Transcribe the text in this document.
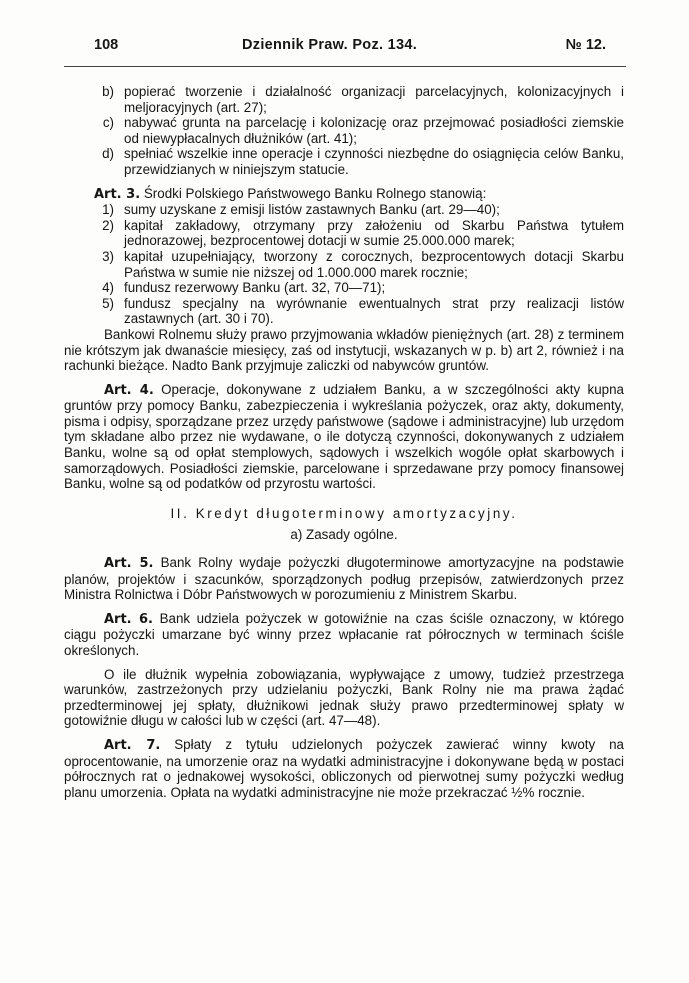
108	Dziennik Praw. Poz. 134.	№ 12.
b) popierać tworzenie i działalność organizacji parcelacyjnych, kolonizacyjnych i meljoracyjnych (art. 27);
c) nabywać grunta na parcelację i kolonizację oraz przejmować posiadłości ziemskie od niewypłacalnych dłużników (art. 41);
d) spełniać wszelkie inne operacje i czynności niezbędne do osiągnięcia celów Banku, przewidzianych w niniejszym statucie.

Art. 3. Środki Polskiego Państwowego Banku Rolnego stanowią:

1) sumy uzyskane z emisji listów zastawnych Banku (art. 29—40);
2) kapitał zakładowy, otrzymany przy założeniu od Skarbu Państwa tytułem jednorazowej, bezprocentowej dotacji w sumie 25.000.000 marek;
3) kapitał uzupełniający, tworzony z corocznych, bezprocentowych dotacji Skarbu Państwa w sumie nie niższej od 1.000.000 marek rocznie;
4) fundusz rezerwowy Banku (art. 32, 70—71);
5) fundusz specjalny na wyrównanie ewentualnych strat przy realizacji listów zastawnych (art. 30 i 70).

Bankowi Rolnemu służy prawo przyjmowania wkładów pieniężnych (art. 28) z terminem nie krótszym jak dwanaście miesięcy, zaś od instytucji, wskazanych w p. b) art 2, również i na rachunki bieżące. Nadto Bank przyjmuje zaliczki od nabywców gruntów.

Art. 4. Operacje, dokonywane z udziałem Banku, a w szczególności akty kupna gruntów przy pomocy Banku, zabezpieczenia i wykreślania pożyczek, oraz akty, dokumenty, pisma i odpisy, sporządzane przez urzędy państwowe (sądowe i administracyjne) lub urzędom tym składane albo przez nie wydawane, o ile dotyczą czynności, dokonywanych z udziałem Banku, wolne są od opłat stemplowych, sądowych i wszelkich wogóle opłat skarbowych i samorządowych. Posiadłości ziemskie, parcelowane i sprzedawane przy pomocy finansowej Banku, wolne są od podatków od przyrostu wartości.

II. Kredyt długoterminowy amortyzacyjny.

a) Zasady ogólne.

Art. 5. Bank Rolny wydaje pożyczki długoterminowe amortyzacyjne na podstawie planów, projektów i szacunków, sporządzonych podług przepisów, zatwierdzonych przez Ministra Rolnictwa i Dóbr Państwowych w porozumieniu z Ministrem Skarbu.

Art. 6. Bank udziela pożyczek w gotowiźnie na czas ściśle oznaczony, w którego ciągu pożyczki umarzane być winny przez wpłacanie rat półrocznych w terminach ściśle określonych.

O ile dłużnik wypełnia zobowiązania, wypływające z umowy, tudzież przestrzega warunków, zastrzeżonych przy udzielaniu pożyczki, Bank Rolny nie ma prawa żądać przedterminowej jej spłaty, dłużnikowi jednak służy prawo przedterminowej spłaty w gotowiźnie długu w całości lub w części (art. 47—48).

Art. 7. Spłaty z tytułu udzielonych pożyczek zawierać winny kwoty na oprocentowanie, na umorzenie oraz na wydatki administracyjne i dokonywane będą w postaci półrocznych rat o jednakowej wysokości, obliczonych od pierwotnej sumy pożyczki według planu umorzenia. Opłata na wydatki administracyjne nie może przekraczać ½% rocznie.
